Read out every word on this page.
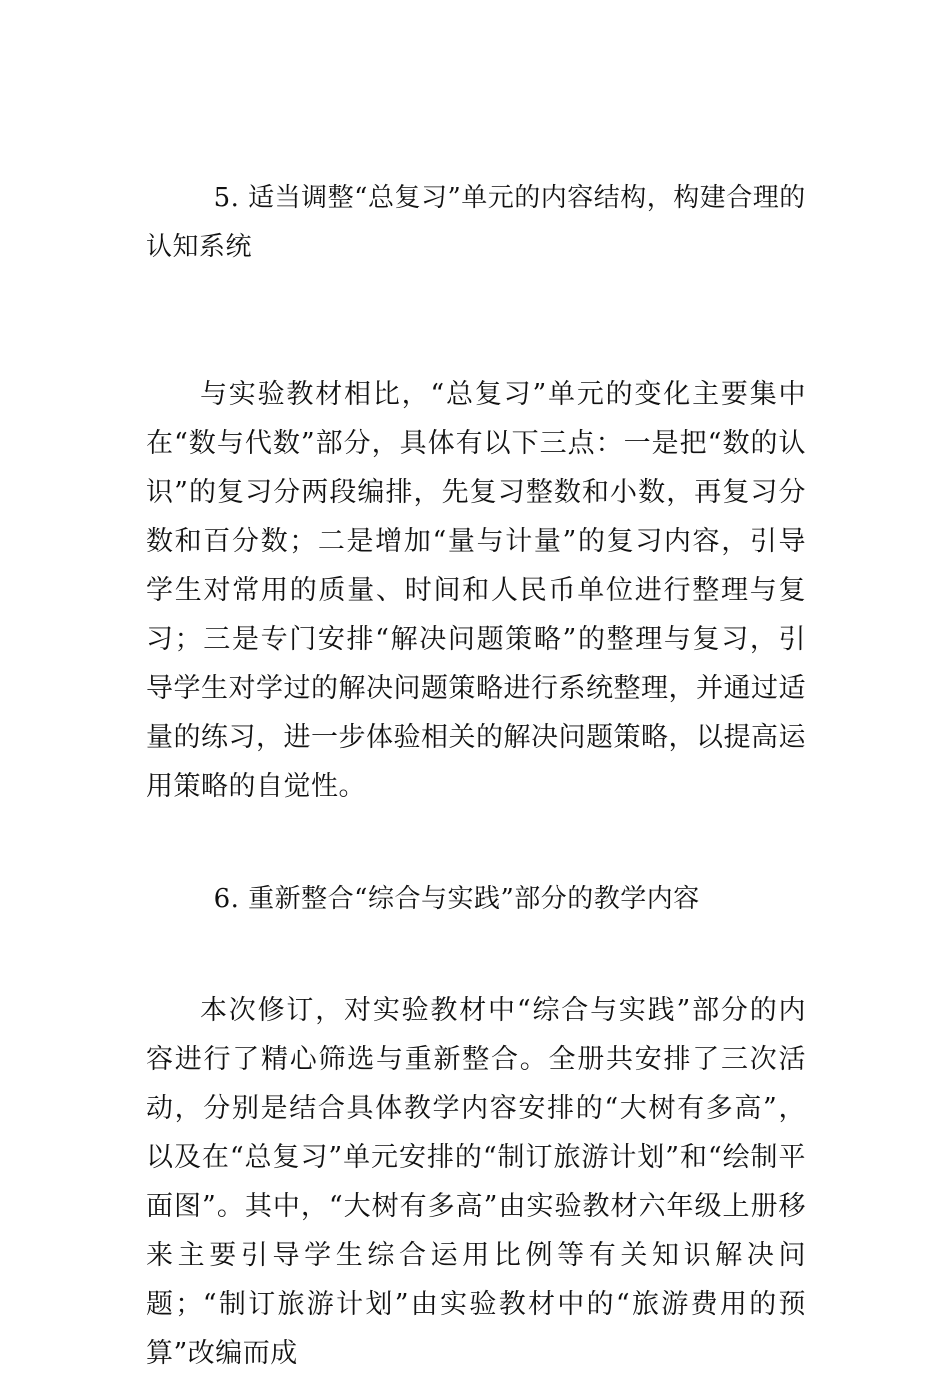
5. 适当调整“总复习”单元的内容结构，构建合理的认知系统

与实验教材相比，“总复习”单元的变化主要集中在“数与代数”部分，具体有以下三点：一是把“数的认识”的复习分两段编排，先复习整数和小数，再复习分数和百分数；二是增加“量与计量”的复习内容，引导学生对常用的质量、时间和人民币单位进行整理与复习；三是专门安排“解决问题策略”的整理与复习，引导学生对学过的解决问题策略进行系统整理，并通过适量的练习，进一步体验相关的解决问题策略，以提高运用策略的自觉性。

6. 重新整合“综合与实践”部分的教学内容

本次修订，对实验教材中“综合与实践”部分的内容进行了精心筛选与重新整合。全册共安排了三次活动，分别是结合具体教学内容安排的“大树有多高”，以及在“总复习”单元安排的“制订旅游计划”和“绘制平面图”。其中，“大树有多高”由实验教材六年级上册移来主要引导学生综合运用比例等有关知识解决问题；“制订旅游计划”由实验教材中的“旅游费用的预算”改编而成
